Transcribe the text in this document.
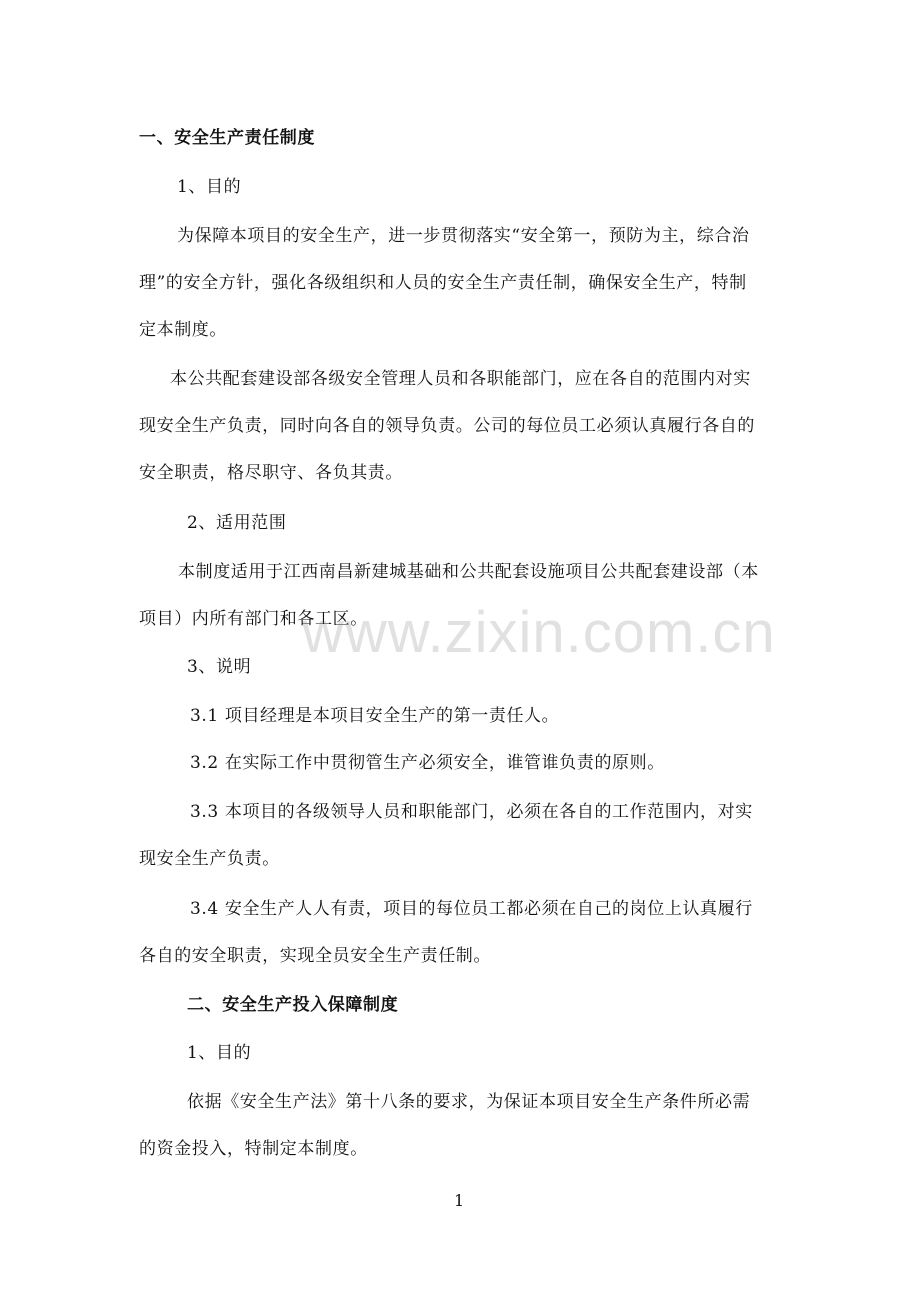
一、安全生产责任制度
1、目的
为保障本项目的安全生产，进一步贯彻落实“安全第一，预防为主，综合治
理”的安全方针，强化各级组织和人员的安全生产责任制，确保安全生产，特制
定本制度。
本公共配套建设部各级安全管理人员和各职能部门，应在各自的范围内对实
现安全生产负责，同时向各自的领导负责。公司的每位员工必须认真履行各自的
安全职责，格尽职守、各负其责。
2、适用范围
本制度适用于江西南昌新建城基础和公共配套设施项目公共配套建设部（本
项目）内所有部门和各工区。
3、说明
3.1 项目经理是本项目安全生产的第一责任人。
3.2 在实际工作中贯彻管生产必须安全，谁管谁负责的原则。
3.3 本项目的各级领导人员和职能部门，必须在各自的工作范围内，对实
现安全生产负责。
3.4 安全生产人人有责，项目的每位员工都必须在自己的岗位上认真履行
各自的安全职责，实现全员安全生产责任制。
二、安全生产投入保障制度
1、目的
依据《安全生产法》第十八条的要求，为保证本项目安全生产条件所必需
的资金投入，特制定本制度。
www.zixin.com.cn
1
